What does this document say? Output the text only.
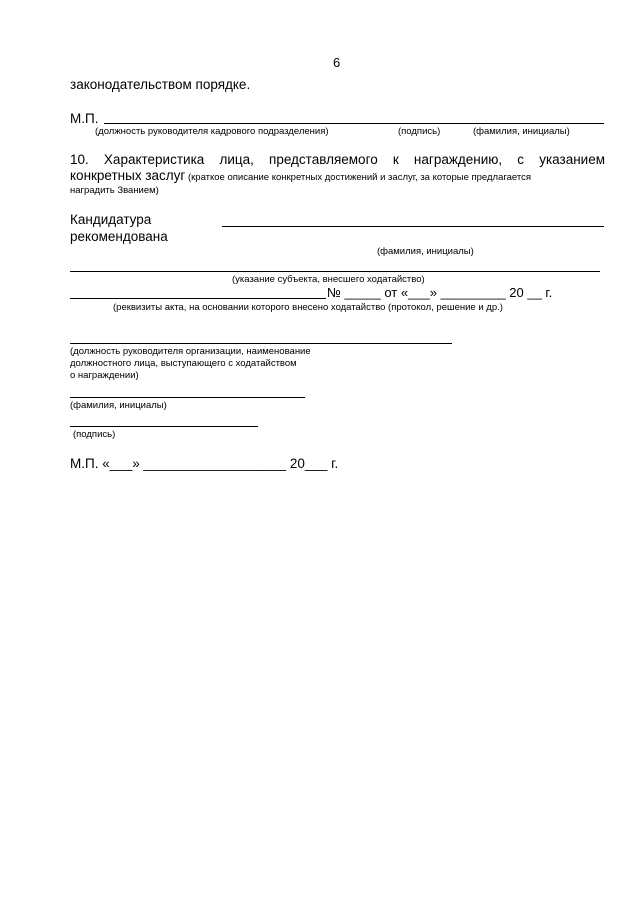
6
законодательством порядке.
М.П.
(должность руководителя кадрового подразделения)	(подпись)	(фамилия, инициалы)
10. Характеристика лица, представляемого к награждению, с указанием
конкретных заслуг (краткое описание конкретных достижений и заслуг, за которые предлагается
наградить Званием)
Кандидатура
рекомендована
(фамилия, инициалы)
(указание субъекта, внесшего ходатайство)
№ _____ от «___» _________ 20 __ г.
(реквизиты акта, на основании которого внесено ходатайство (протокол, решение и др.)
(должность руководителя организации, наименование
должностного лица, выступающего с ходатайством
о награждении)
(фамилия, инициалы)
(подпись)
М.П. «___» ___________________ 20___ г.
